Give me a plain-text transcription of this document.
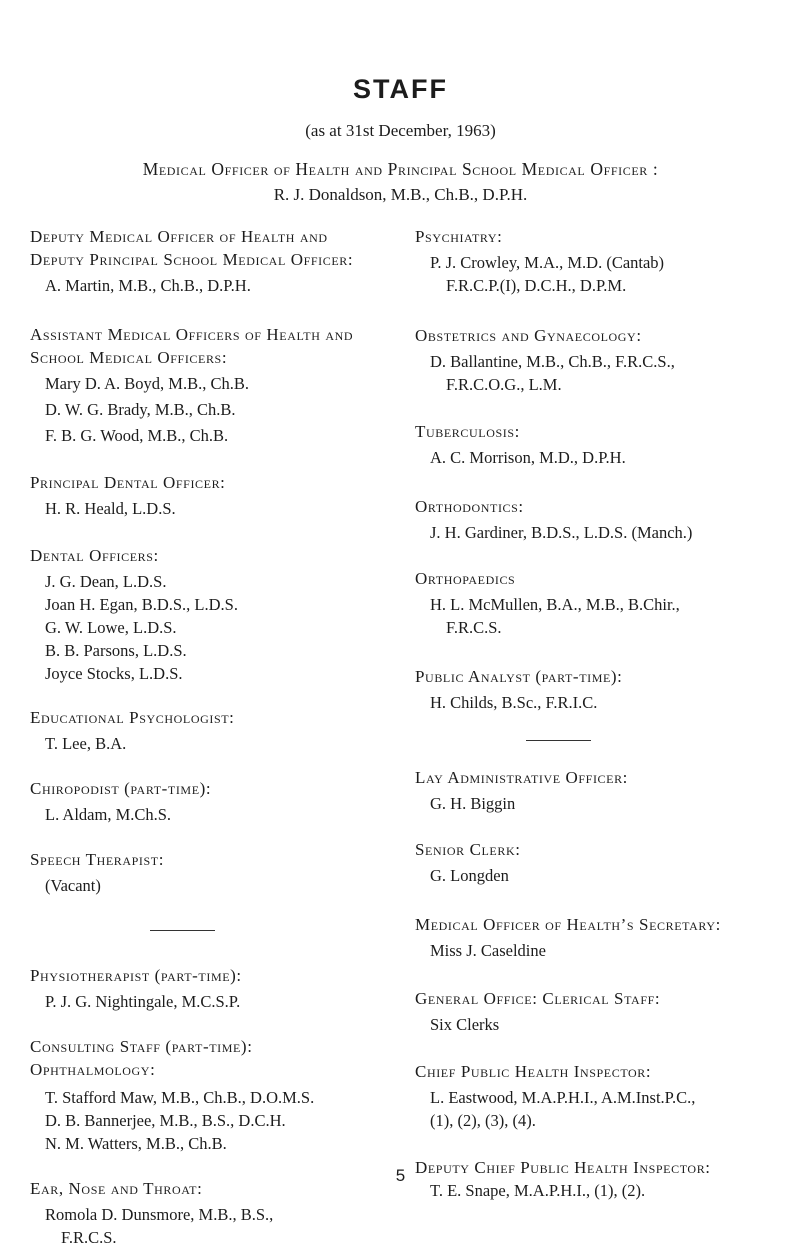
STAFF
(as at 31st December, 1963)
Medical Officer of Health and Principal School Medical Officer :
R. J. Donaldson, M.B., Ch.B., D.P.H.
Deputy Medical Officer of Health and
Deputy Principal School Medical Officer:
A. Martin, M.B., Ch.B., D.P.H.
Assistant Medical Officers of Health and
School Medical Officers:
Mary D. A. Boyd, M.B., Ch.B.
D. W. G. Brady, M.B., Ch.B.
F. B. G. Wood, M.B., Ch.B.
Principal Dental Officer:
H. R. Heald, L.D.S.
Dental Officers:
J. G. Dean, L.D.S.
Joan H. Egan, B.D.S., L.D.S.
G. W. Lowe, L.D.S.
B. B. Parsons, L.D.S.
Joyce Stocks, L.D.S.
Educational Psychologist:
T. Lee, B.A.
Chiropodist (part-time):
L. Aldam, M.Ch.S.
Speech Therapist:
(Vacant)
Physiotherapist (part-time):
P. J. G. Nightingale, M.C.S.P.
Consulting Staff (part-time):
Ophthalmology:
T. Stafford Maw, M.B., Ch.B., D.O.M.S.
D. B. Bannerjee, M.B., B.S., D.C.H.
N. M. Watters, M.B., Ch.B.
Ear, Nose and Throat:
Romola D. Dunsmore, M.B., B.S.,
F.R.C.S.
Psychiatry:
P. J. Crowley, M.A., M.D. (Cantab)
F.R.C.P.(I), D.C.H., D.P.M.
Obstetrics and Gynaecology:
D. Ballantine, M.B., Ch.B., F.R.C.S.,
F.R.C.O.G., L.M.
Tuberculosis:
A. C. Morrison, M.D., D.P.H.
Orthodontics:
J. H. Gardiner, B.D.S., L.D.S. (Manch.)
Orthopaedics
H. L. McMullen, B.A., M.B., B.Chir.,
F.R.C.S.
Public Analyst (part-time):
H. Childs, B.Sc., F.R.I.C.
Lay Administrative Officer:
G. H. Biggin
Senior Clerk:
G. Longden
Medical Officer of Health’s Secretary:
Miss J. Caseldine
General Office: Clerical Staff:
Six Clerks
Chief Public Health Inspector:
L. Eastwood, M.A.P.H.I., A.M.Inst.P.C.,
(1), (2), (3), (4).
Deputy Chief Public Health Inspector:
T. E. Snape, M.A.P.H.I., (1), (2).
5
